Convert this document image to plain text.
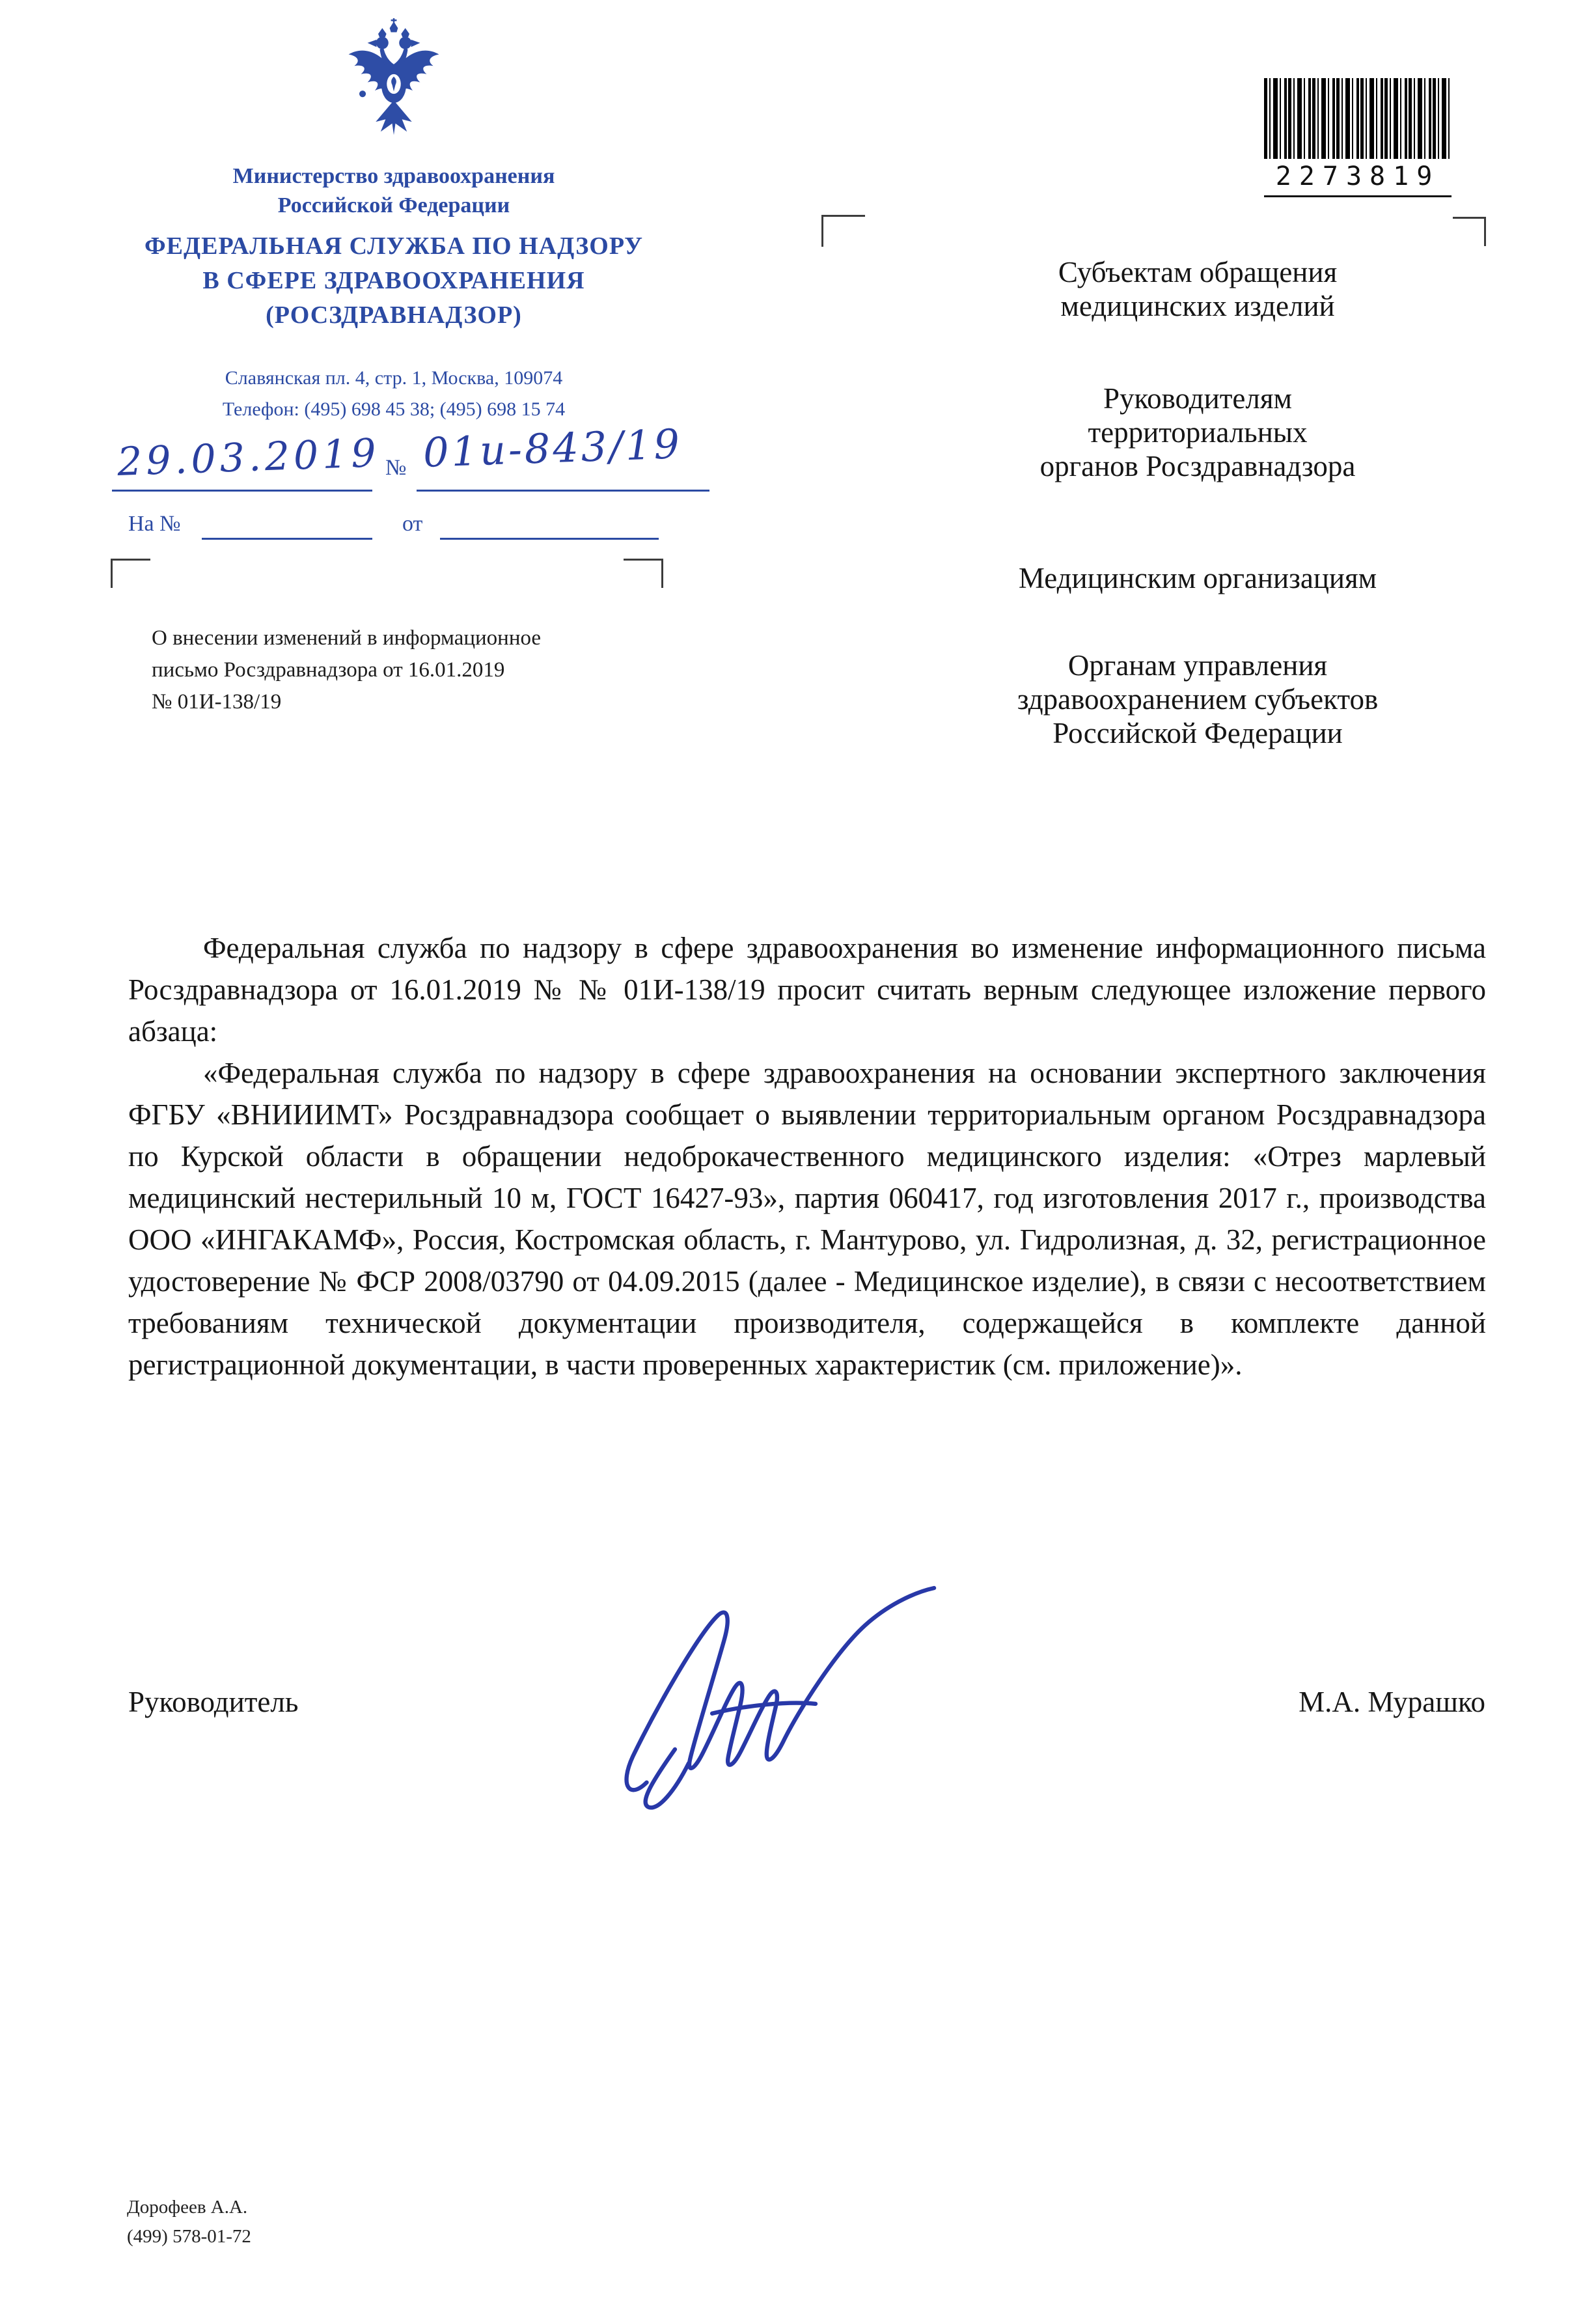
Министерство здравоохранения
Российской Федерации
ФЕДЕРАЛЬНАЯ СЛУЖБА ПО НАДЗОРУ
В СФЕРЕ ЗДРАВООХРАНЕНИЯ
(РОСЗДРАВНАДЗОР)
Славянская пл. 4, стр. 1, Москва, 109074
Телефон: (495) 698 45 38; (495) 698 15 74
29.03.2019 № 01и-843/19
На №	от
О внесении изменений в информационное
письмо Росздравнадзора от 16.01.2019
№ 01И-138/19
2273819
Субъектам обращения
медицинских изделий
Руководителям
территориальных
органов Росздравнадзора
Медицинским организациям
Органам управления
здравоохранением субъектов
Российской Федерации

Федеральная служба по надзору в сфере здравоохранения во изменение информационного письма Росздравнадзора от 16.01.2019 № № 01И-138/19 просит считать верным следующее изложение первого абзаца:

«Федеральная служба по надзору в сфере здравоохранения на основании экспертного заключения ФГБУ «ВНИИИМТ» Росздравнадзора сообщает о выявлении территориальным органом Росздравнадзора по Курской области в обращении недоброкачественного медицинского изделия: «Отрез марлевый медицинский нестерильный 10 м, ГОСТ 16427-93», партия 060417, год изготовления 2017 г., производства ООО «ИНГАКАМФ», Россия, Костромская область, г. Мантурово, ул. Гидролизная, д. 32, регистрационное удостоверение № ФСР 2008/03790 от 04.09.2015 (далее - Медицинское изделие), в связи с несоответствием требованиям технической документации производителя, содержащейся в комплекте данной регистрационной документации, в части проверенных характеристик (см. приложение)».

Руководитель	М.А. Мурашко
Дорофеев А.А.
(499) 578-01-72
